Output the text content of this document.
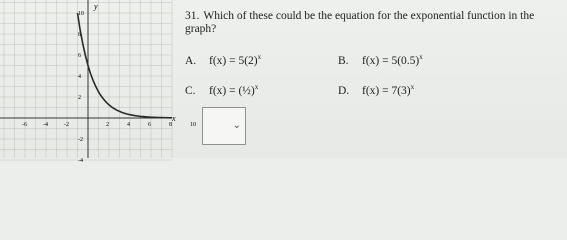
y
x
-6	-4	-2	2	4	6	8	10
10
8
6
4
2
-2
-4
31. Which of these could be the equation for the exponential function in the graph?
A. $f(x) = 5(2)^x$	B. $f(x) = 5(0.5)^x$
C. f(x) = (½)$^x$	D. $f(x) = 7(3)^x$
⌄
